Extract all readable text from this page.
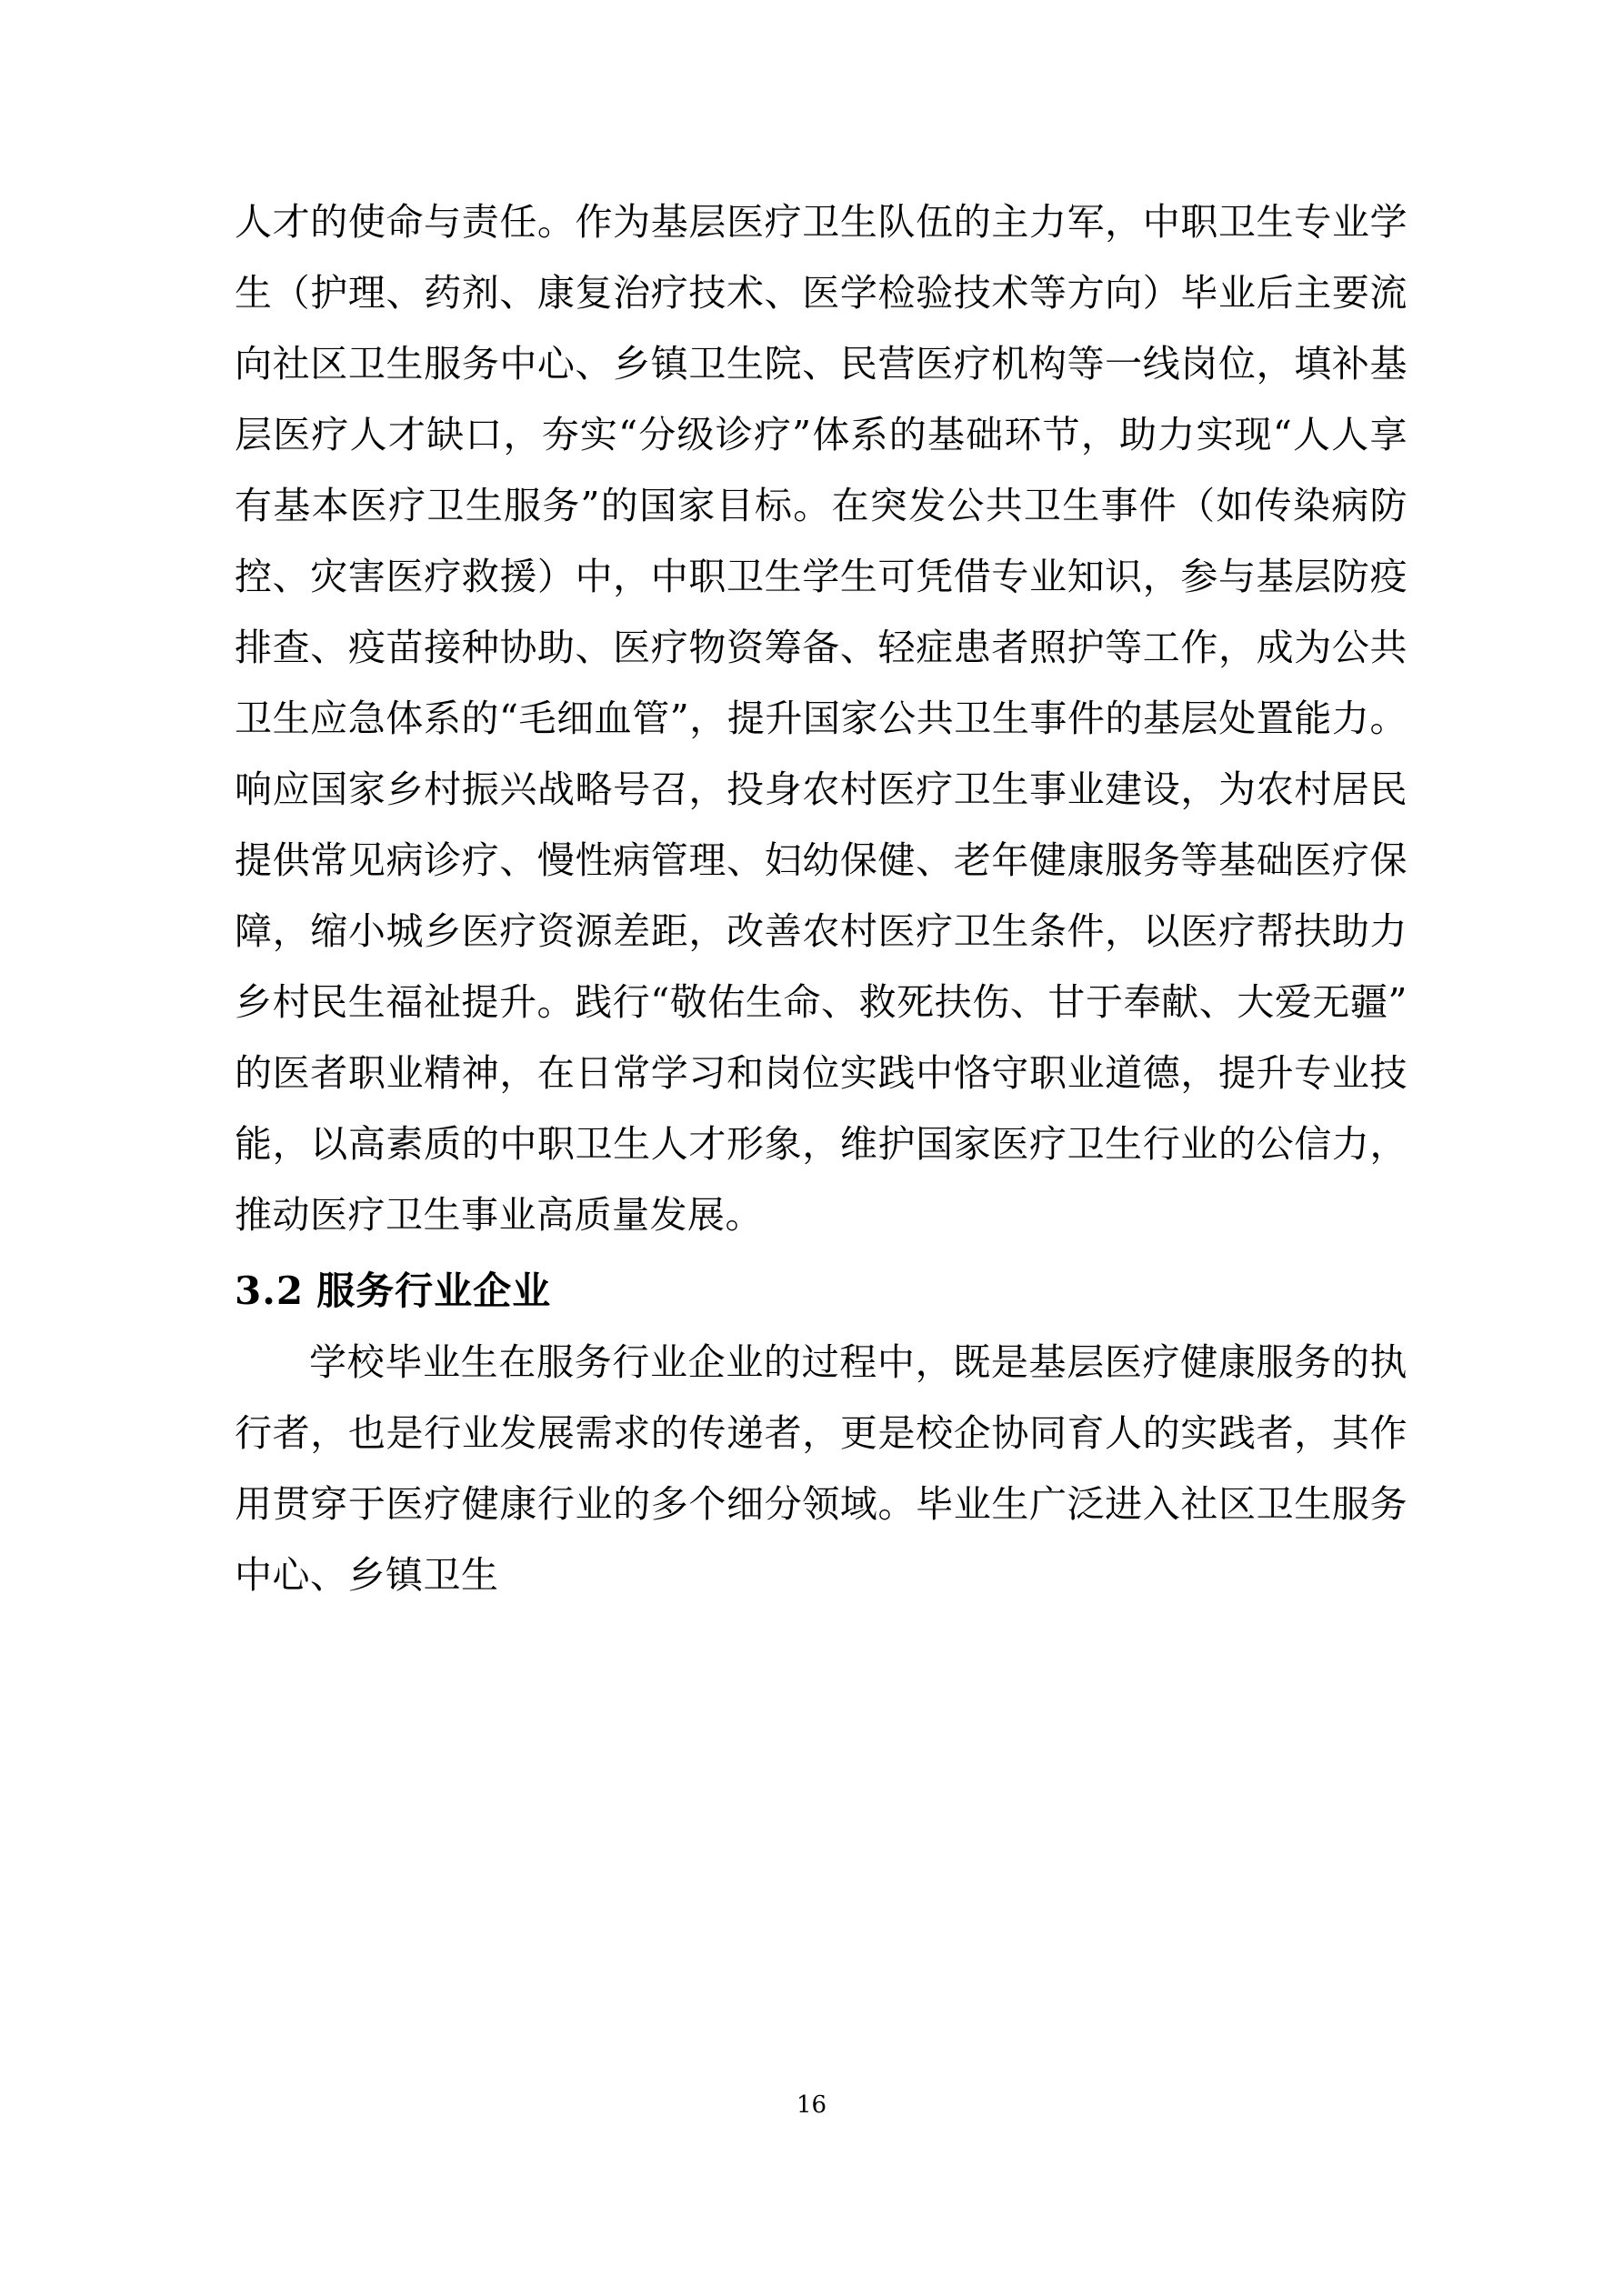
人才的使命与责任。作为基层医疗卫生队伍的主力军，中职卫生专业学生（护理、药剂、康复治疗技术、医学检验技术等方向）毕业后主要流向社区卫生服务中心、乡镇卫生院、民营医疗机构等一线岗位，填补基层医疗人才缺口，夯实“分级诊疗”体系的基础环节，助力实现“人人享有基本医疗卫生服务”的国家目标。在突发公共卫生事件（如传染病防控、灾害医疗救援）中，中职卫生学生可凭借专业知识，参与基层防疫排查、疫苗接种协助、医疗物资筹备、轻症患者照护等工作，成为公共卫生应急体系的“毛细血管”，提升国家公共卫生事件的基层处置能力。响应国家乡村振兴战略号召，投身农村医疗卫生事业建设，为农村居民提供常见病诊疗、慢性病管理、妇幼保健、老年健康服务等基础医疗保障，缩小城乡医疗资源差距，改善农村医疗卫生条件，以医疗帮扶助力乡村民生福祉提升。践行“敬佑生命、救死扶伤、甘于奉献、大爱无疆”的医者职业精神，在日常学习和岗位实践中恪守职业道德，提升专业技能，以高素质的中职卫生人才形象，维护国家医疗卫生行业的公信力，推动医疗卫生事业高质量发展。

3.2 服务行业企业

学校毕业生在服务行业企业的过程中，既是基层医疗健康服务的执行者，也是行业发展需求的传递者，更是校企协同育人的实践者，其作用贯穿于医疗健康行业的多个细分领域。毕业生广泛进入社区卫生服务中心、乡镇卫生

16
